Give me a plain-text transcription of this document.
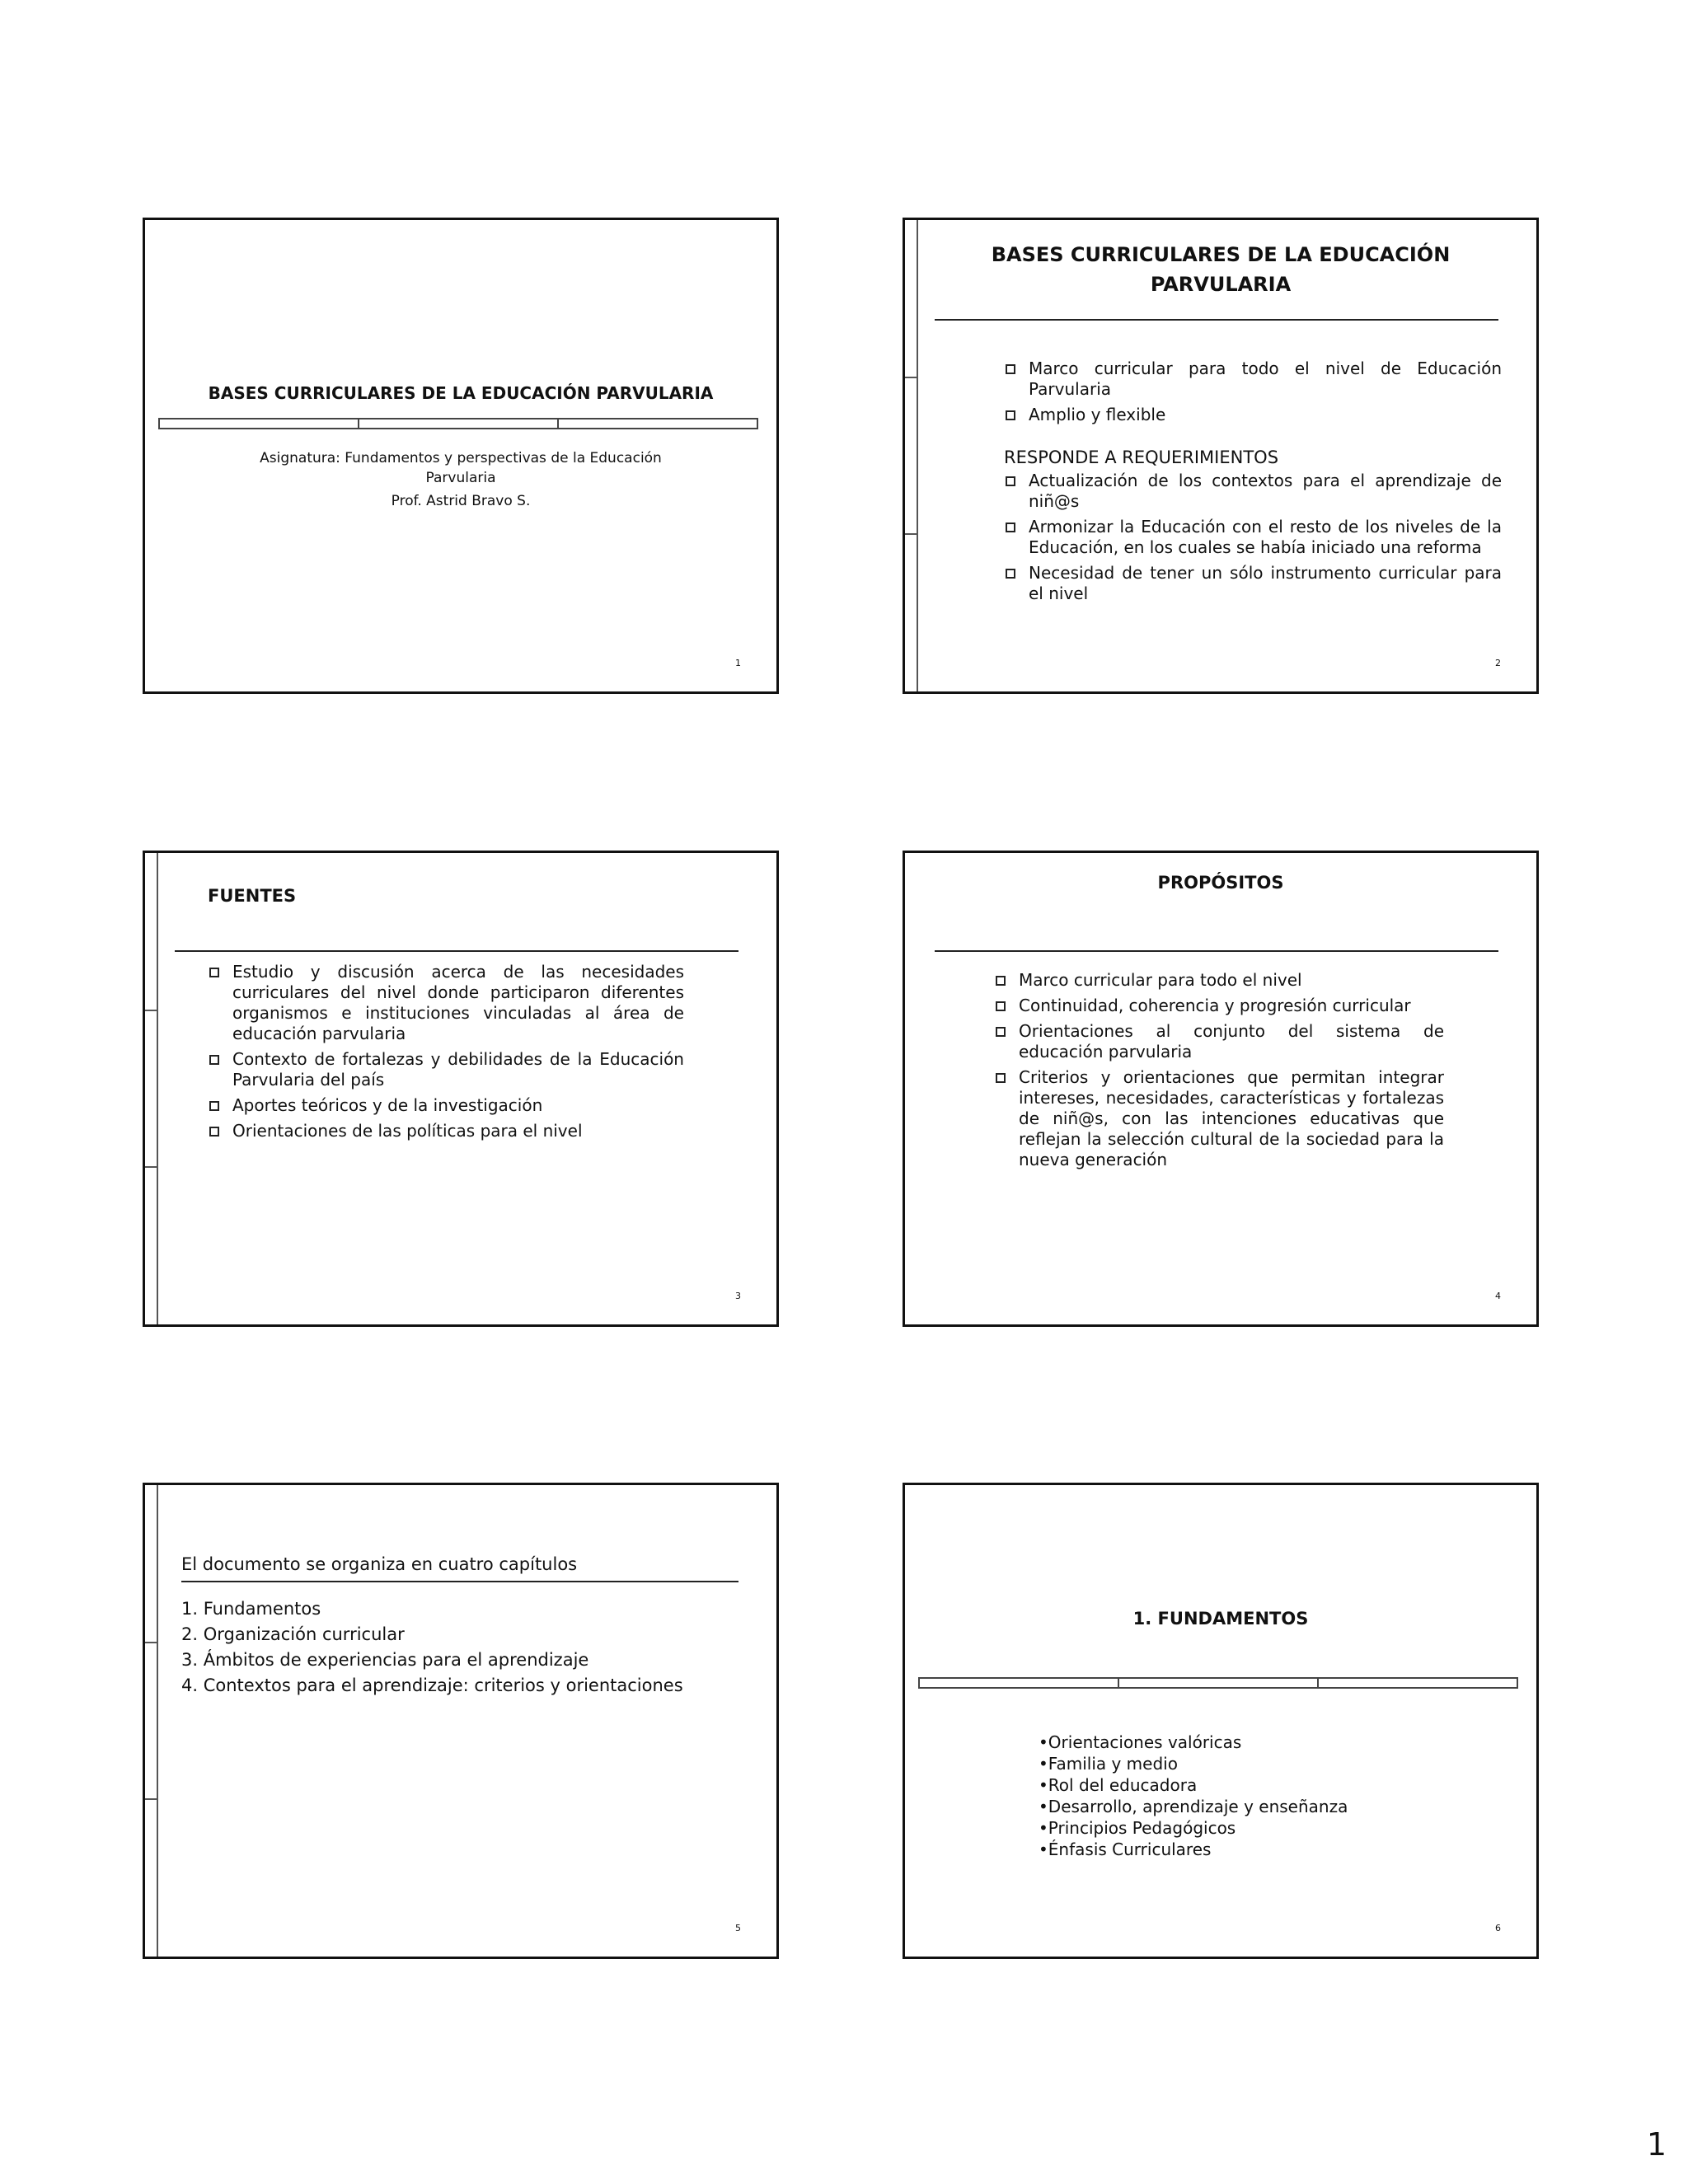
BASES CURRICULARES DE LA EDUCACIÓN PARVULARIA
Asignatura: Fundamentos y perspectivas de la Educación
Parvularia
Prof. Astrid Bravo S.
1
BASES CURRICULARES DE LA EDUCACIÓN
PARVULARIA
Marco curricular para todo el nivel de Educación Parvularia
Amplio y flexible
RESPONDE A REQUERIMIENTOS
Actualización de los contextos para el aprendizaje de niñ@s
Armonizar la Educación con el resto de los niveles de la Educación, en los cuales se había iniciado una reforma
Necesidad de tener un sólo instrumento curricular para el nivel
2
FUENTES
Estudio y discusión acerca de las necesidades curriculares del nivel donde participaron diferentes organismos e instituciones vinculadas al área de educación parvularia
Contexto de fortalezas y debilidades de la Educación Parvularia del país
Aportes teóricos y de la investigación
Orientaciones de las políticas para el nivel
3
PROPÓSITOS
Marco curricular para todo el nivel
Continuidad, coherencia y progresión curricular
Orientaciones al conjunto del sistema de educación parvularia
Criterios y orientaciones que permitan integrar intereses, necesidades, características y fortalezas de niñ@s, con las intenciones educativas que reflejan la selección cultural de la sociedad para la nueva generación
4
El documento se organiza en cuatro capítulos
1. Fundamentos
2. Organización curricular
3. Ámbitos de experiencias para el aprendizaje
4. Contextos para el aprendizaje: criterios y orientaciones
5
1. FUNDAMENTOS
•Orientaciones valóricas
•Familia y medio
•Rol del educadora
•Desarrollo, aprendizaje y enseñanza
•Principios Pedagógicos
•Énfasis Curriculares
6
1
